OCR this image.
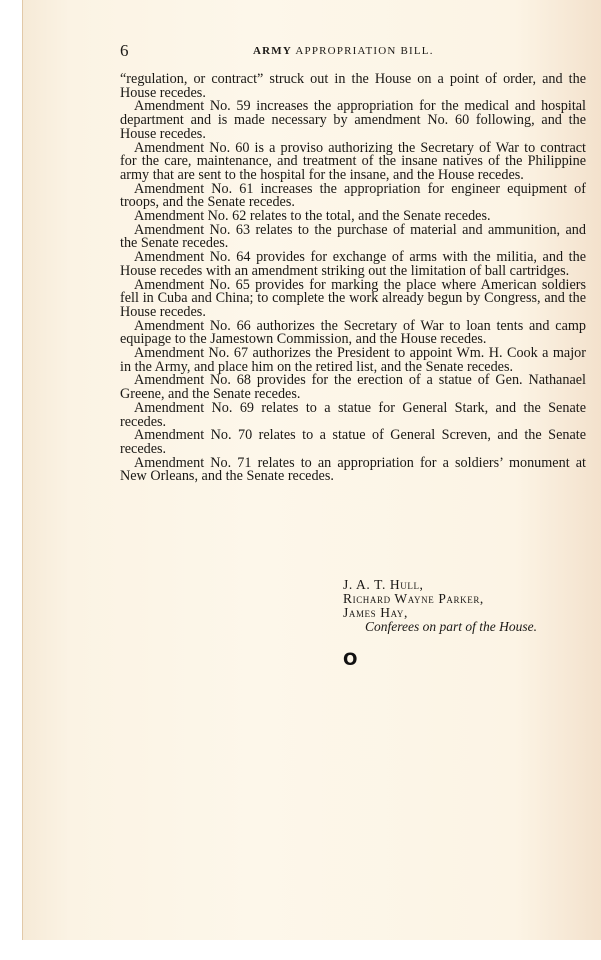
6	ARMY APPROPRIATION BILL.

“regulation, or contract” struck out in the House on a point of order, and the House recedes.

Amendment No. 59 increases the appropriation for the medical and hospital department and is made necessary by amendment No. 60 following, and the House recedes.

Amendment No. 60 is a proviso authorizing the Secretary of War to contract for the care, maintenance, and treatment of the insane natives of the Philippine army that are sent to the hospital for the insane, and the House recedes.

Amendment No. 61 increases the appropriation for engineer equipment of troops, and the Senate recedes.

Amendment No. 62 relates to the total, and the Senate recedes.

Amendment No. 63 relates to the purchase of material and ammunition, and the Senate recedes.

Amendment No. 64 provides for exchange of arms with the militia, and the House recedes with an amendment striking out the limitation of ball cartridges.

Amendment No. 65 provides for marking the place where American soldiers fell in Cuba and China; to complete the work already begun by Congress, and the House recedes.

Amendment No. 66 authorizes the Secretary of War to loan tents and camp equipage to the Jamestown Commission, and the House recedes.

Amendment No. 67 authorizes the President to appoint Wm. H. Cook a major in the Army, and place him on the retired list, and the Senate recedes.

Amendment No. 68 provides for the erection of a statue of Gen. Nathanael Greene, and the Senate recedes.

Amendment No. 69 relates to a statue for General Stark, and the Senate recedes.

Amendment No. 70 relates to a statue of General Screven, and the Senate recedes.

Amendment No. 71 relates to an appropriation for a soldiers’ monument at New Orleans, and the Senate recedes.

J. A. T. Hull,

Richard Wayne Parker,

James Hay,

Conferees on part of the House.

O
